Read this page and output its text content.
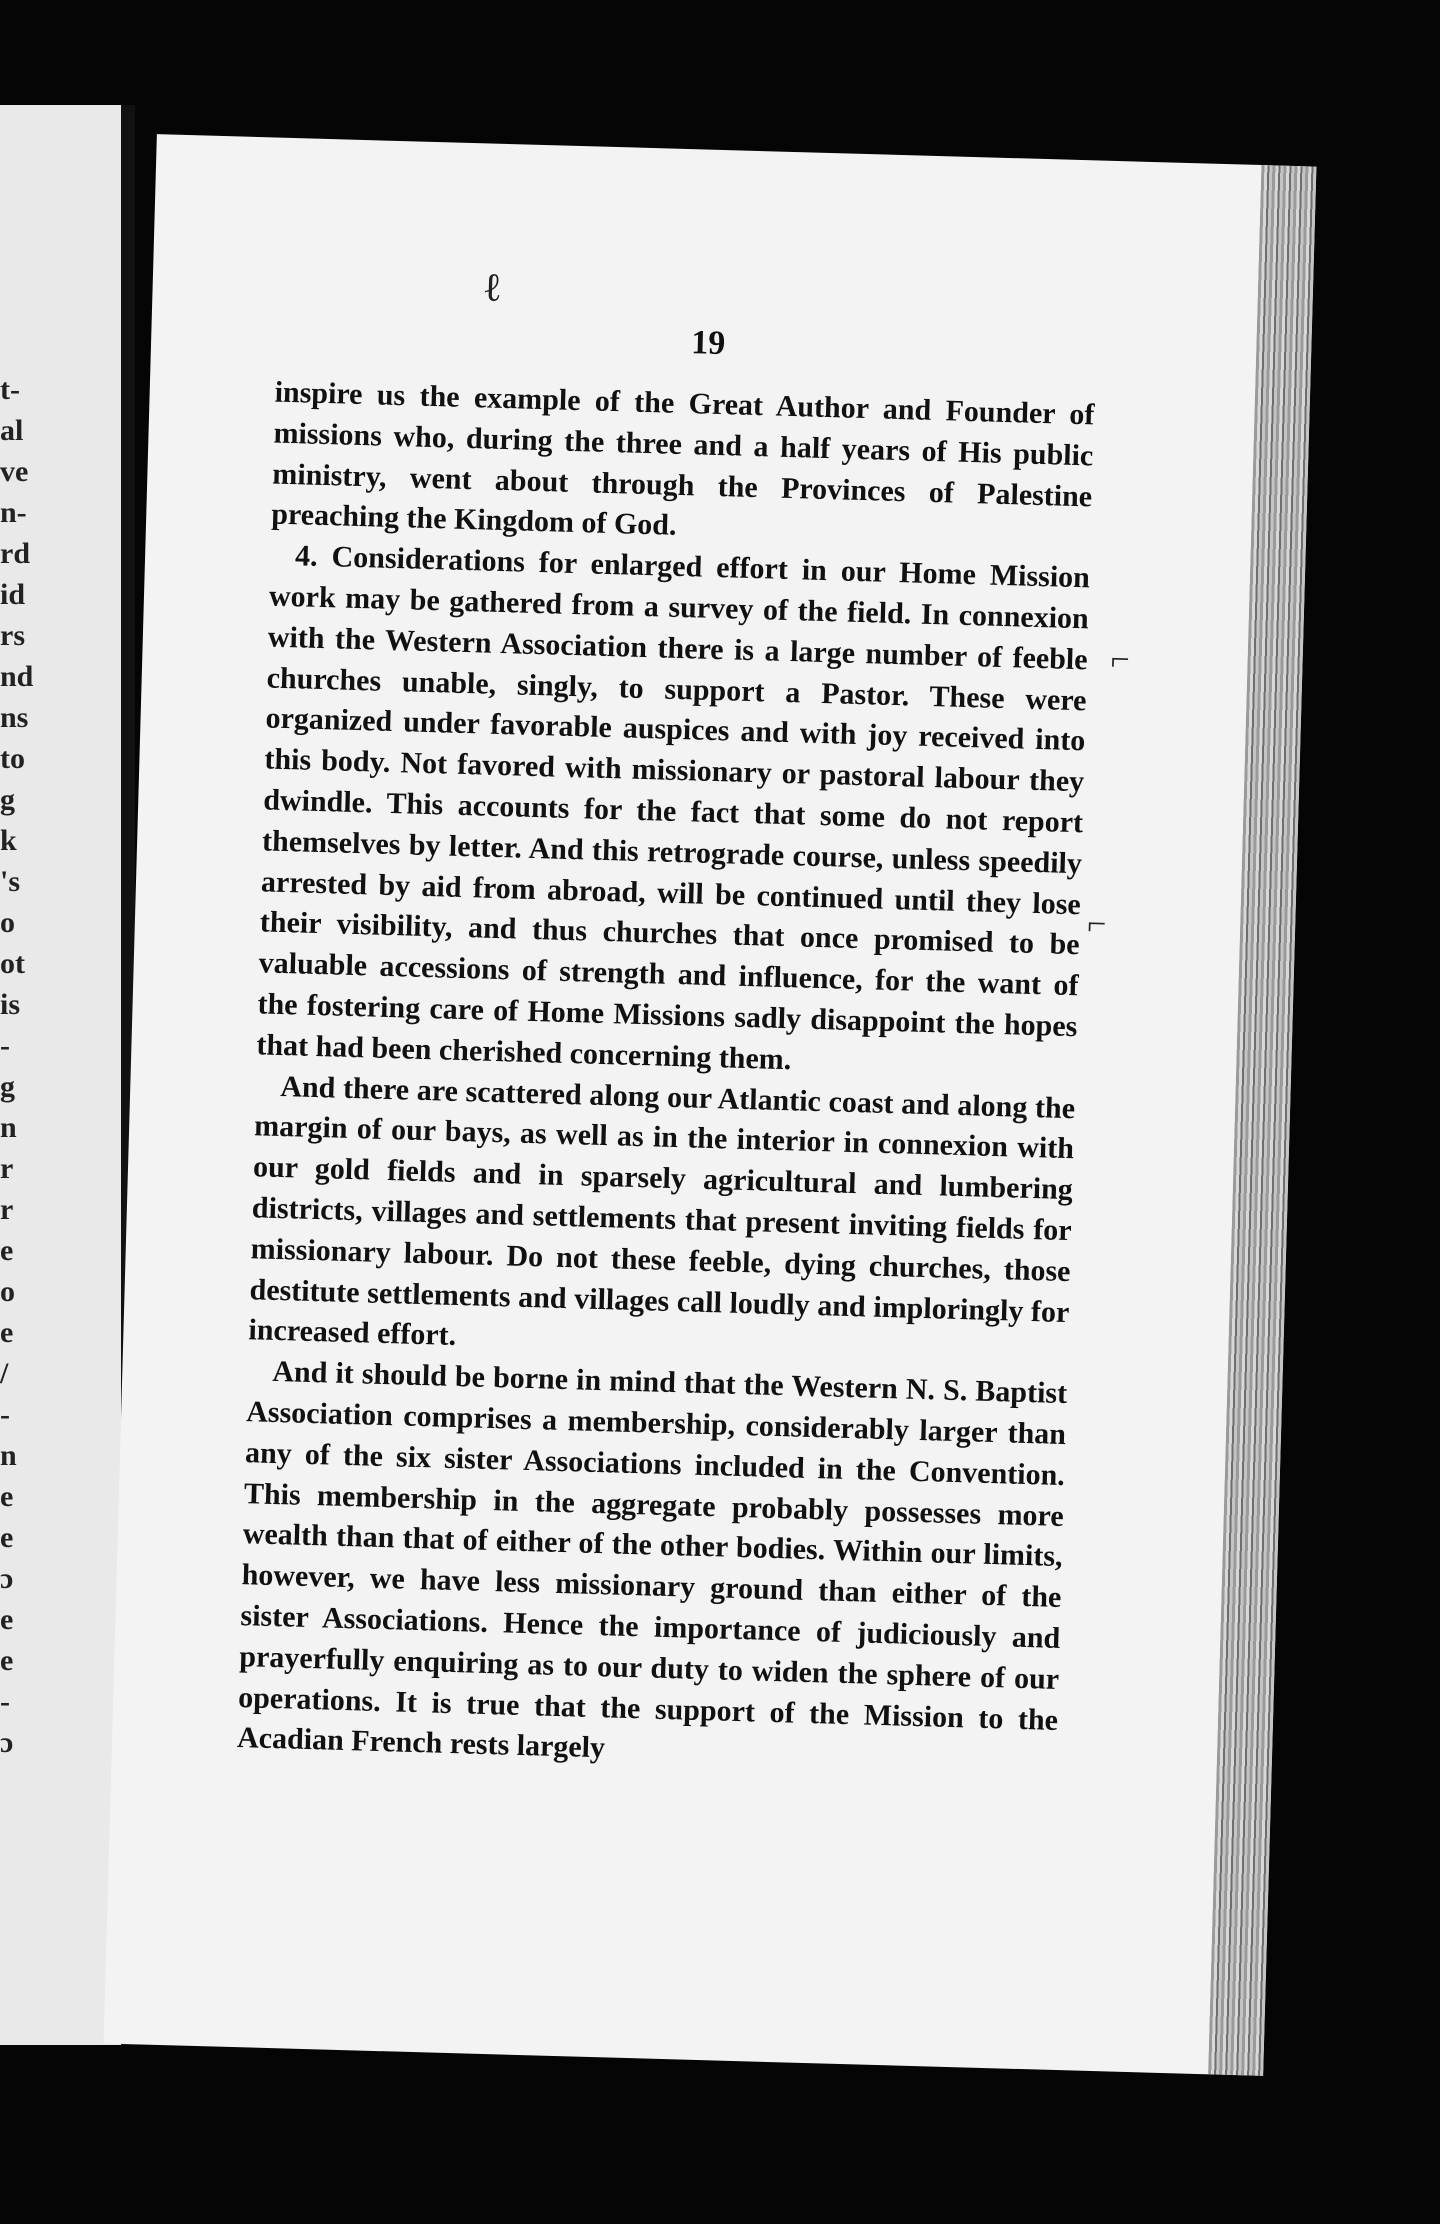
t-
al
ve
n-
rd
id
rs
nd
ns
to
g
k
's
o
ot
is
-
g
n
r
r
e
o
e
/
-
n
e
e
ɔ
e
e
-
ɔ
ℓ
19

inspire us the example of the Great Author and Founder of missions who, during the three and a half years of His public ministry, went about through the Provinces of Palestine preaching the Kingdom of God.

4. Considerations for enlarged effort in our Home Mission work may be gathered from a survey of the field. In connexion with the Western Association there is a large number of feeble churches unable, singly, to support a Pastor. These were organized under favorable auspices and with joy received into this body. Not favored with missionary or pastoral labour they dwindle. This accounts for the fact that some do not report themselves by letter. And this retrograde course, unless speedily arrested by aid from abroad, will be continued until they lose their visibility, and thus churches that once promised to be valuable accessions of strength and influence, for the want of the fostering care of Home Missions sadly disappoint the hopes that had been cherished concerning them.

And there are scattered along our Atlantic coast and along the margin of our bays, as well as in the interior in connexion with our gold fields and in sparsely agricultural and lumbering districts, villages and settlements that present inviting fields for missionary labour. Do not these feeble, dying churches, those destitute settlements and villages call loudly and imploringly for increased effort.

And it should be borne in mind that the Western N. S. Baptist Association comprises a membership, considerably larger than any of the six sister Associations included in the Convention. This membership in the aggregate probably possesses more wealth than that of either of the other bodies. Within our limits, however, we have less missionary ground than either of the sister Associations. Hence the importance of judiciously and prayerfully enquiring as to our duty to widen the sphere of our operations. It is true that the support of the Mission to the Acadian French rests largely

⌐
⌐
